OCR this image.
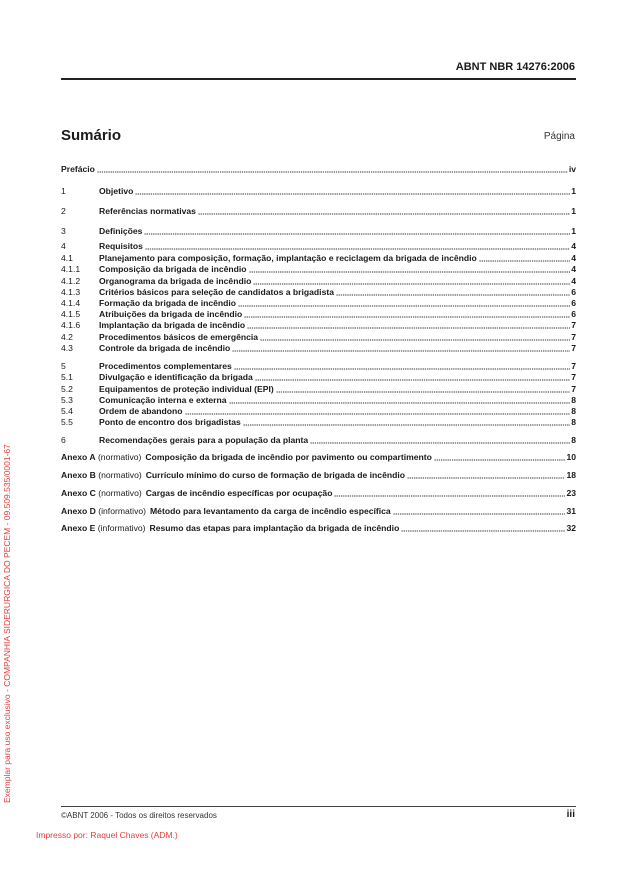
ABNT NBR 14276:2006
Sumário	Página
Prefácio	iv
1	Objetivo	1
2	Referências normativas	1
3	Definições	1
4	Requisitos	4
4.1	Planejamento para composição, formação, implantação e reciclagem da brigada de incêndio	4
4.1.1	Composição da brigada de incêndio	4
4.1.2	Organograma da brigada de incêndio	4
4.1.3	Critérios básicos para seleção de candidatos a brigadista	6
4.1.4	Formação da brigada de incêndio	6
4.1.5	Atribuições da brigada de incêndio	6
4.1.6	Implantação da brigada de incêndio	7
4.2	Procedimentos básicos de emergência	7
4.3	Controle da brigada de incêndio	7
5	Procedimentos complementares	7
5.1	Divulgação e identificação da brigada	7
5.2	Equipamentos de proteção individual (EPI)	7
5.3	Comunicação interna e externa	8
5.4	Ordem de abandono	8
5.5	Ponto de encontro dos brigadistas	8
6	Recomendações gerais para a população da planta	8
Anexo A (normativo) Composição da brigada de incêndio por pavimento ou compartimento	10
Anexo B (normativo) Currículo mínimo do curso de formação de brigada de incêndio	18
Anexo C (normativo) Cargas de incêndio específicas por ocupação	23
Anexo D (informativo) Método para levantamento da carga de incêndio específica	31
Anexo E (informativo) Resumo das etapas para implantação da brigada de incêndio	32
Exemplar para uso exclusivo - COMPANHIA SIDERURGICA DO PECEM - 09.509.535/0001-67
©ABNT 2006 - Todos os direitos reservados	iii
Impresso por: Raquel Chaves (ADM.)
